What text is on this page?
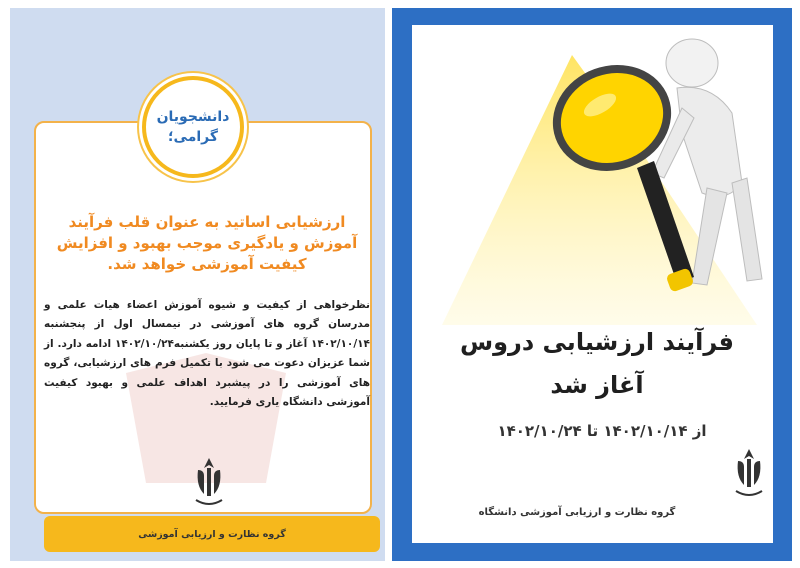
دانشجویان
گرامی؛
ارزشیابی اساتید به عنوان قلب فرآیند آموزش و یادگیری موجب بهبود و افزایش کیفیت آموزشی خواهد شد.
نظرخواهی از کیفیت و شیوه آموزش اعضاء هیات علمی و مدرسان گروه های آموزشی در نیمسال اول از پنجشنبه ۱۴۰۲/۱۰/۱۴ آغاز و تا پایان روز یکشنبه۱۴۰۲/۱۰/۲۴ ادامه دارد. از شما عزیزان دعوت می شود با تکمیل فرم های ارزشیابی، گروه های آموزشی را در پیشبرد اهداف علمی و بهبود کیفیت آموزشی دانشگاه یاری فرمایید.
گروه نظارت و ارزیابی آموزشی
فرآیند ارزشیابی دروس
آغاز شد
از ۱۴۰۲/۱۰/۱۴ تا ۱۴۰۲/۱۰/۲۴
گروه نظارت و ارزیابی آموزشی دانشگاه
